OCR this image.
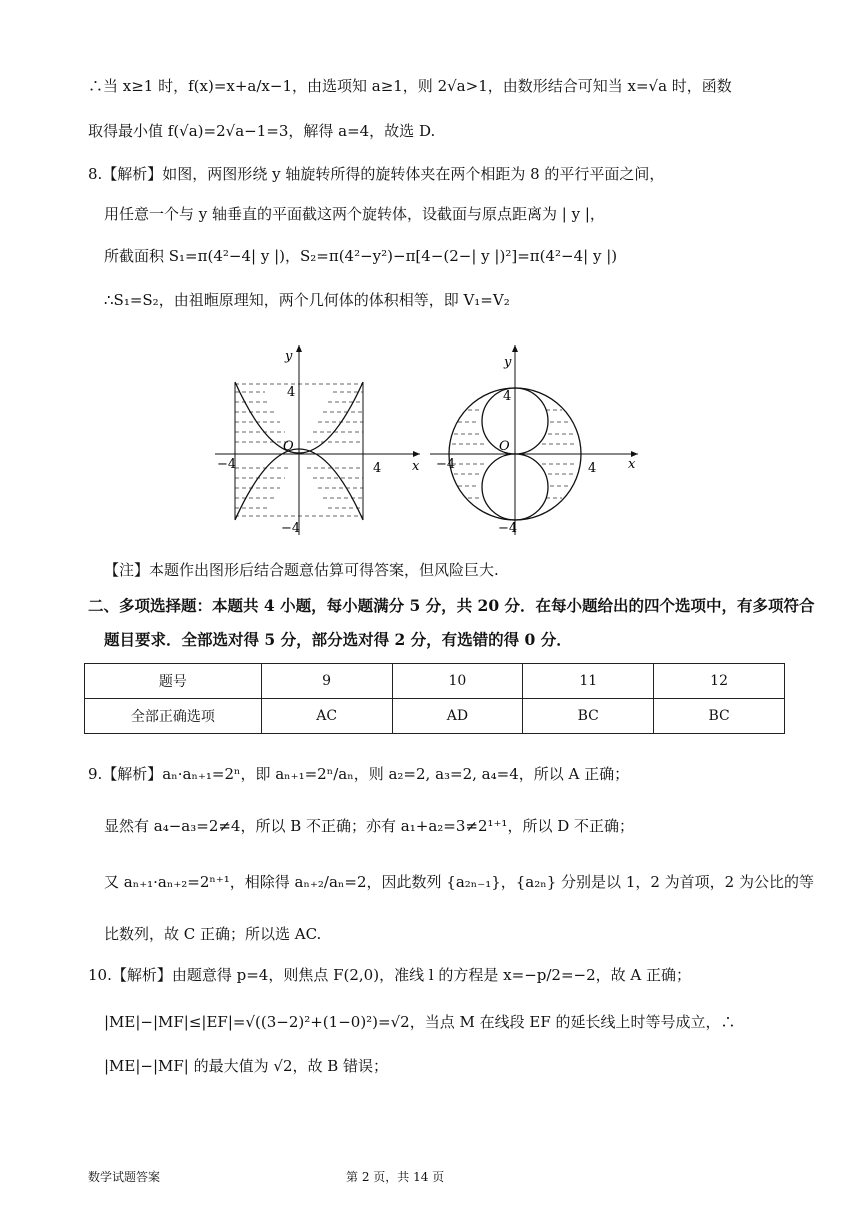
∴当 x≥1 时，f(x)=x+a/x−1，由选项知 a≥1，则 2√a>1，由数形结合可知当 x=√a 时，函数
取得最小值 f(√a)=2√a−1=3，解得 a=4，故选 D.
8.【解析】如图，两图形绕 y 轴旋转所得的旋转体夹在两个相距为 8 的平行平面之间，
用任意一个与 y 轴垂直的平面截这两个旋转体，设截面与原点距离为 | y |，
所截面积 S₁=π(4²−4| y |)，S₂=π(4²−y²)−π[4−(2−| y |)²]=π(4²−4| y |)
∴S₁=S₂，由祖暅原理知，两个几何体的体积相等，即 V₁=V₂
y
x
O
4
−4
4
−4
y
x
O
4
−4
4
−4
【注】本题作出图形后结合题意估算可得答案，但风险巨大.
二、多项选择题：本题共 4 小题，每小题满分 5 分，共 20 分．在每小题给出的四个选项中，有多项符合
题目要求．全部选对得 5 分，部分选对得 2 分，有选错的得 0 分．
题号	9	10	11	12
全部正确选项	AC	AD	BC	BC
9.【解析】aₙ·aₙ₊₁=2ⁿ，即 aₙ₊₁=2ⁿ/aₙ，则 a₂=2, a₃=2, a₄=4，所以 A 正确；
显然有 a₄−a₃=2≠4，所以 B 不正确；亦有 a₁+a₂=3≠2¹⁺¹，所以 D 不正确；
又 aₙ₊₁·aₙ₊₂=2ⁿ⁺¹，相除得 aₙ₊₂/aₙ=2，因此数列 {a₂ₙ₋₁}，{a₂ₙ} 分别是以 1，2 为首项，2 为公比的等
比数列，故 C 正确；所以选 AC.
10.【解析】由题意得 p=4，则焦点 F(2,0)，准线 l 的方程是 x=−p/2=−2，故 A 正确；
|ME|−|MF|≤|EF|=√((3−2)²+(1−0)²)=√2，当点 M 在线段 EF 的延长线上时等号成立，∴
|ME|−|MF| 的最大值为 √2，故 B 错误；
数学试题答案	第 2 页，共 14 页
